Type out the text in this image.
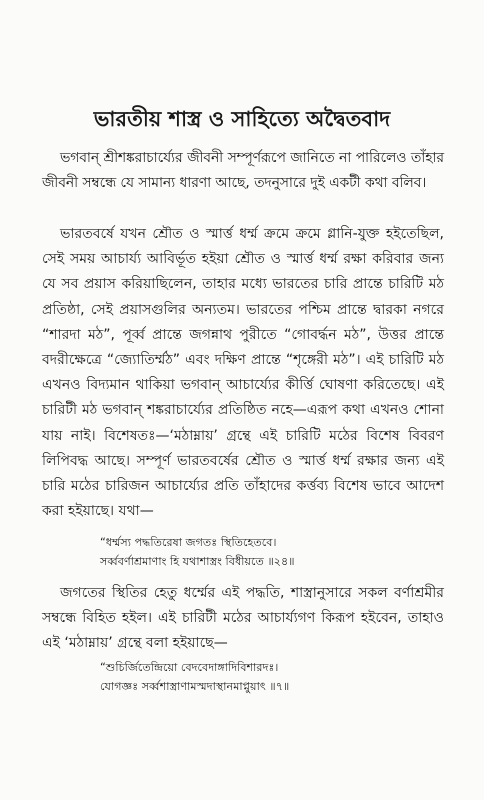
ভারতীয় শাস্ত্র ও সাহিত্যে অদ্বৈতবাদ
ভগবান্‌ শ্রীশঙ্করাচার্য্যের জীবনী সম্পূর্ণরূপে জানিতে না পারিলেও তাঁহার জীবনী সম্বন্ধে যে সামান্য ধারণা আছে, তদনুসারে দুই একটী কথা বলিব।
ভারতবর্ষে যখন শ্রৌত ও স্মার্ত্ত ধর্ম্ম ক্রমে ক্রমে গ্লানি-যুক্ত হইতেছিল, সেই সময় আচার্য্য আবির্ভূত হইয়া শ্রৌত ও স্মার্ত্ত ধর্ম্ম রক্ষা করিবার জন্য যে সব প্রয়াস করিয়াছিলেন, তাহার মধ্যে ভারতের চারি প্রান্তে চারিটি মঠ প্রতিষ্ঠা, সেই প্রয়াসগুলির অন্যতম। ভারতের পশ্চিম প্রান্তে দ্বারকা নগরে “শারদা মঠ”, পূর্ব্ব প্রান্তে জগন্নাথ পুরীতে “গোবর্দ্ধন মঠ”, উত্তর প্রান্তে বদরীক্ষেত্রে “জ্যোতির্ম্মঠ” এবং দক্ষিণ প্রান্তে “শৃঙ্গেরী মঠ”। এই চারিটি মঠ এখনও বিদ্যমান থাকিয়া ভগবান্‌ আচার্য্যের কীর্ত্তি ঘোষণা করিতেছে। এই চারিটী মঠ ভগবান্‌ শঙ্করাচার্য্যের প্রতিষ্ঠিত নহে—এরূপ কথা এখনও শোনা যায় নাই। বিশেষতঃ—‘মঠাম্নায়’ গ্রন্থে এই চারিটি মঠের বিশেষ বিবরণ লিপিবদ্ধ আছে। সম্পূর্ণ ভারতবর্ষের শ্রৌত ও স্মার্ত্ত ধর্ম্ম রক্ষার জন্য এই চারি মঠের চারিজন আচার্য্যের প্রতি তাঁহাদের কর্ত্তব্য বিশেষ ভাবে আদেশ করা হইয়াছে। যথা—
“ধর্ম্মস্য পদ্ধতিরেষা জগতঃ স্থিতিহেতবে।
সর্ব্ববর্ণাশ্রমাণাং হি যথাশাস্ত্রং বিধীয়তে ॥২৪॥
জগতের স্থিতির হেতু ধর্ম্মের এই পদ্ধতি, শাস্ত্রানুসারে সকল বর্ণাশ্রমীর সম্বন্ধে বিহিত হইল। এই চারিটী মঠের আচার্য্যগণ কিরূপ হইবেন, তাহাও এই ‘মঠাম্নায়’ গ্রন্থে বলা হইয়াছে—
“শুচির্জিতেন্দ্রিয়ো বেদবেদাঙ্গাদিবিশারদঃ।
যোগজ্ঞঃ সর্ব্বশাস্ত্রাণামস্মদাস্থানমাপ্নুয়াৎ ॥৭॥
